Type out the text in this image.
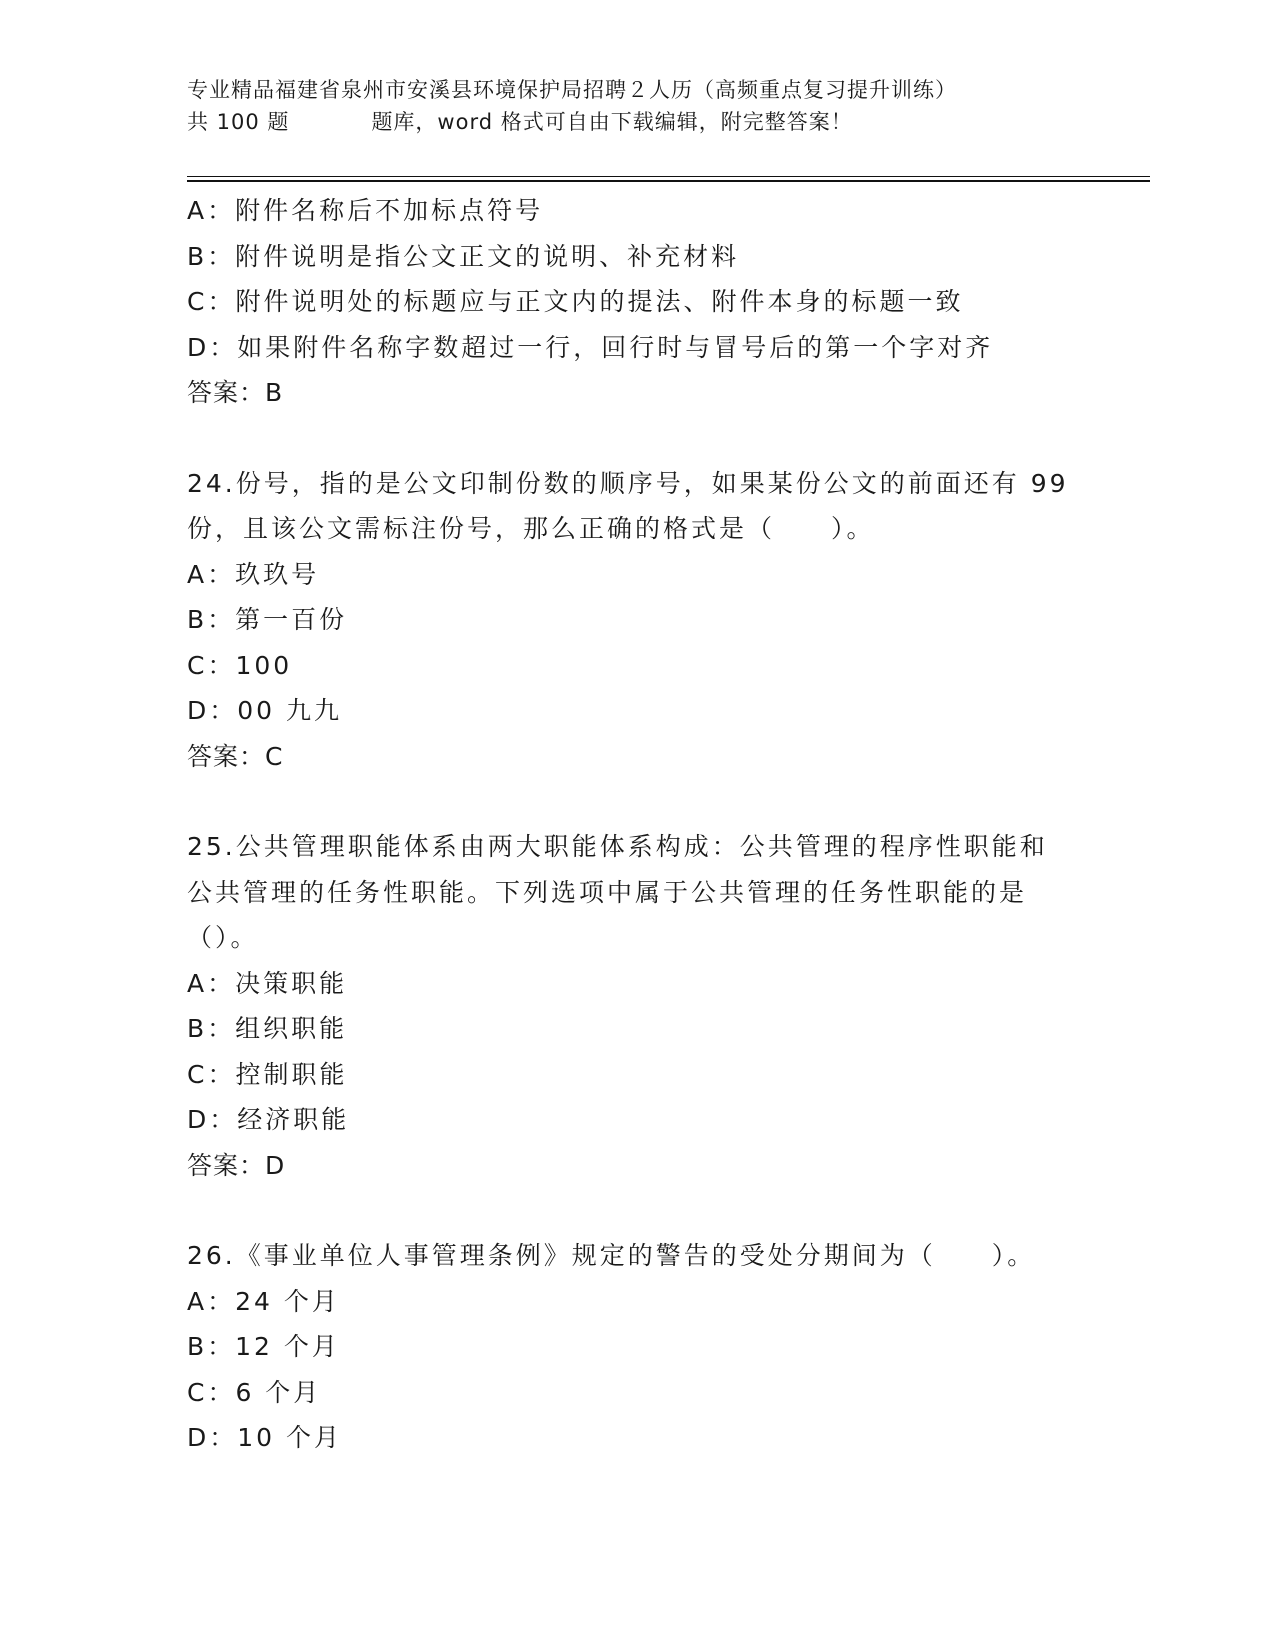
专业精品福建省泉州市安溪县环境保护局招聘２人历（高频重点复习提升训练）
共 100 题	题库，word 格式可自由下载编辑，附完整答案！
A：附件名称后不加标点符号
B：附件说明是指公文正文的说明、补充材料
C：附件说明处的标题应与正文内的提法、附件本身的标题一致
D：如果附件名称字数超过一行，回行时与冒号后的第一个字对齐
答案：B
24.份号，指的是公文印制份数的顺序号，如果某份公文的前面还有 99
份，且该公文需标注份号，那么正确的格式是（　　）。
A：玖玖号
B：第一百份
C：100
D：00 九九
答案：C
25.公共管理职能体系由两大职能体系构成：公共管理的程序性职能和
公共管理的任务性职能。下列选项中属于公共管理的任务性职能的是
（）。
A：决策职能
B：组织职能
C：控制职能
D：经济职能
答案：D
26.《事业单位人事管理条例》规定的警告的受处分期间为（　　）。
A：24 个月
B：12 个月
C：6 个月
D：10 个月
